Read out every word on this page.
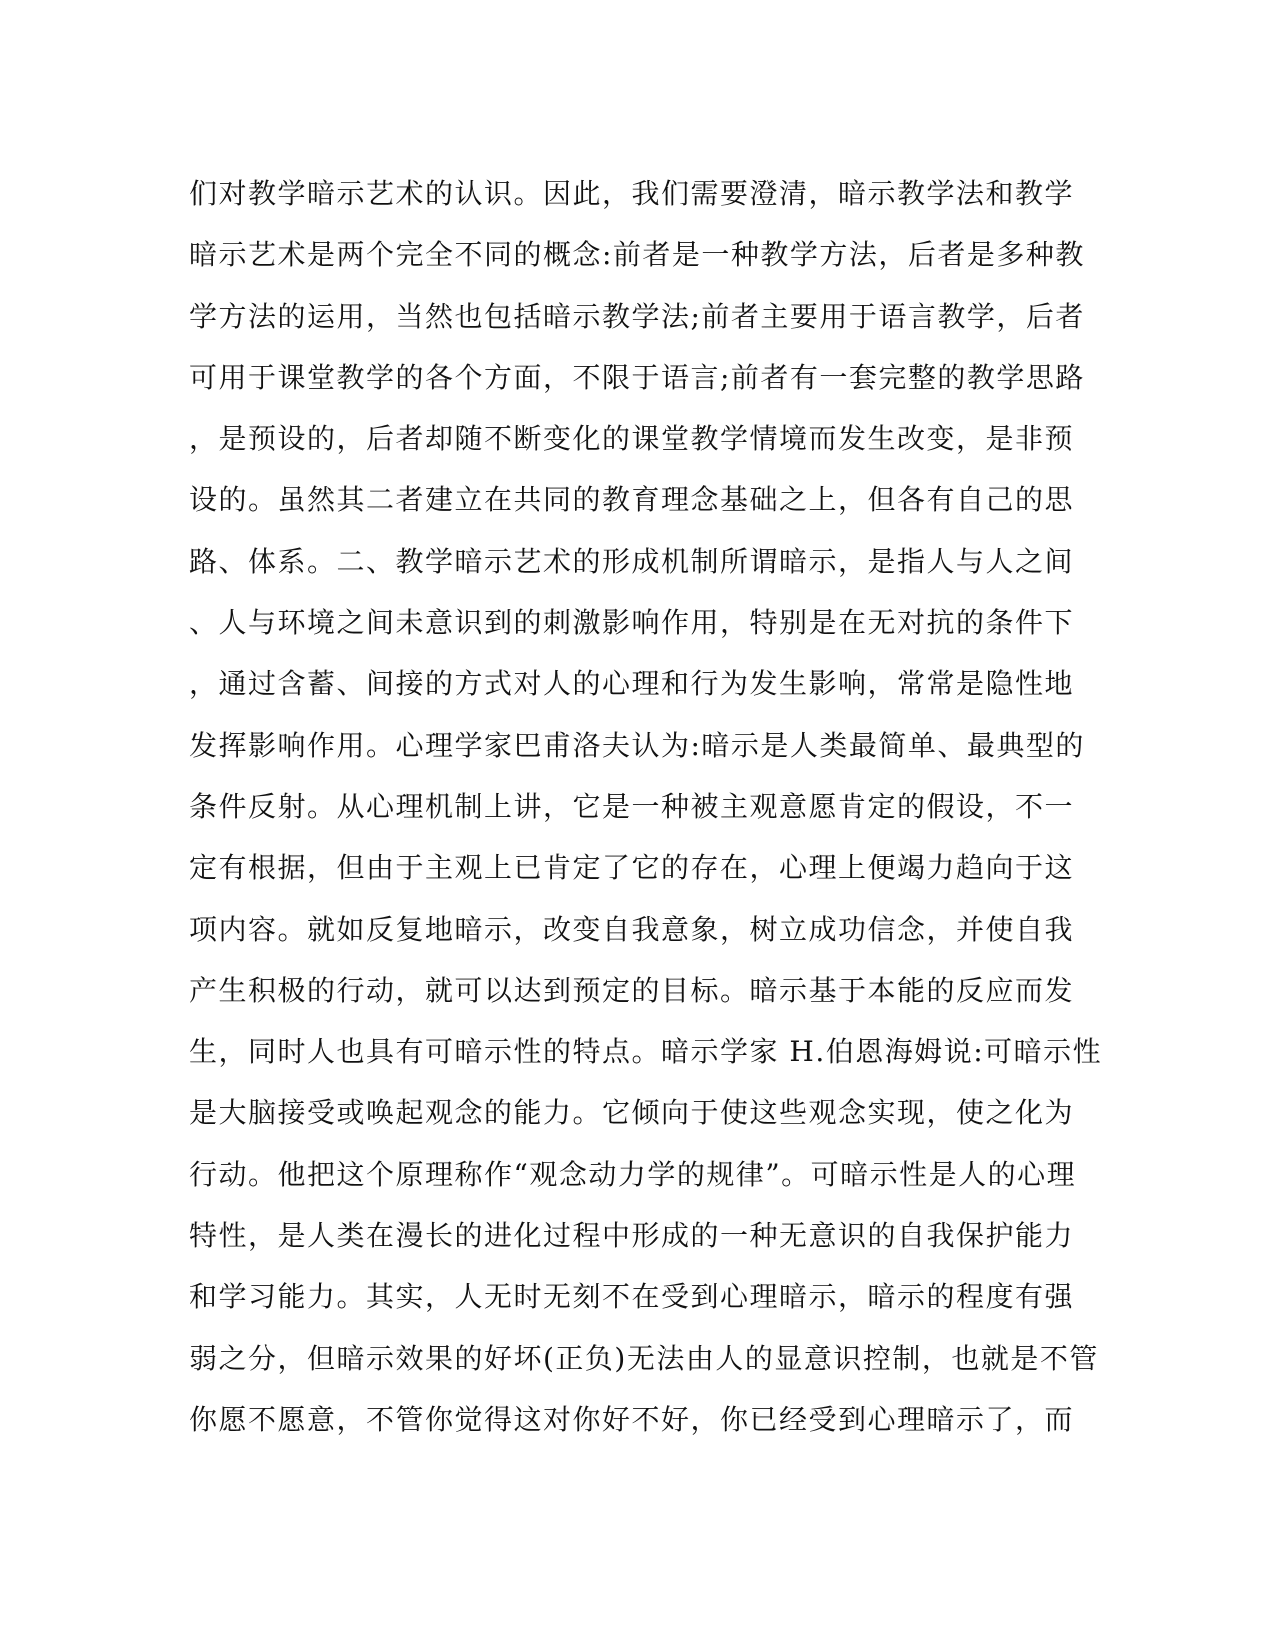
们对教学暗示艺术的认识。因此，我们需要澄清，暗示教学法和教学
暗示艺术是两个完全不同的概念:前者是一种教学方法，后者是多种教
学方法的运用，当然也包括暗示教学法;前者主要用于语言教学，后者
可用于课堂教学的各个方面，不限于语言;前者有一套完整的教学思路
，是预设的，后者却随不断变化的课堂教学情境而发生改变，是非预
设的。虽然其二者建立在共同的教育理念基础之上，但各有自己的思
路、体系。二、教学暗示艺术的形成机制所谓暗示，是指人与人之间
、人与环境之间未意识到的刺激影响作用，特别是在无对抗的条件下
，通过含蓄、间接的方式对人的心理和行为发生影响，常常是隐性地
发挥影响作用。心理学家巴甫洛夫认为:暗示是人类最简单、最典型的
条件反射。从心理机制上讲，它是一种被主观意愿肯定的假设，不一
定有根据，但由于主观上已肯定了它的存在，心理上便竭力趋向于这
项内容。就如反复地暗示，改变自我意象，树立成功信念，并使自我
产生积极的行动，就可以达到预定的目标。暗示基于本能的反应而发
生，同时人也具有可暗示性的特点。暗示学家 H.伯恩海姆说:可暗示性
是大脑接受或唤起观念的能力。它倾向于使这些观念实现，使之化为
行动。他把这个原理称作“观念动力学的规律”。可暗示性是人的心理
特性，是人类在漫长的进化过程中形成的一种无意识的自我保护能力
和学习能力。其实，人无时无刻不在受到心理暗示，暗示的程度有强
弱之分，但暗示效果的好坏(正负)无法由人的显意识控制，也就是不管
你愿不愿意，不管你觉得这对你好不好，你已经受到心理暗示了，而
